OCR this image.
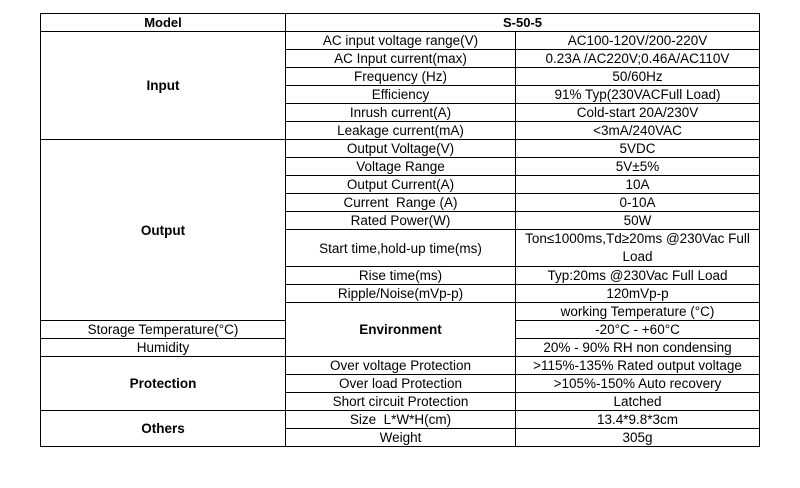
Model	S-50-5		
Input	AC input voltage range(V)	AC100-120V/200-220V	
	AC Input current(max)	0.23A /AC220V;0.46A/AC110V	
	Frequency (Hz)	50/60Hz	
	Efficiency	91% Typ(230VACFull Load)	
	Inrush current(A)	Cold-start 20A/230V	
	Leakage current(mA)	<3mA/240VAC	
Output	Output Voltage(V)	5VDC	
	Voltage Range	5V±5%	
	Output Current(A)	10A	
	Current  Range (A)	0-10A	
	Rated Power(W)	50W	
	Start time,hold-up time(ms)	Ton≤1000ms,Td≥20ms @230Vac Full Load	
	Rise time(ms)	Typ:20ms @230Vac Full Load	
	Ripple/Noise(mVp-p)	120mVp-p	
	Environment	working Temperature (°C)	
Storage Temperature(°C)		-20°C - +60°C	
Humidity		20% - 90% RH non condensing	
Protection	Over voltage Protection	>115%-135% Rated output voltage	
	Over load Protection	>105%-150% Auto recovery	
	Short circuit Protection	Latched	
Others	Size  L*W*H(cm)	13.4*9.8*3cm	
	Weight	305g	
